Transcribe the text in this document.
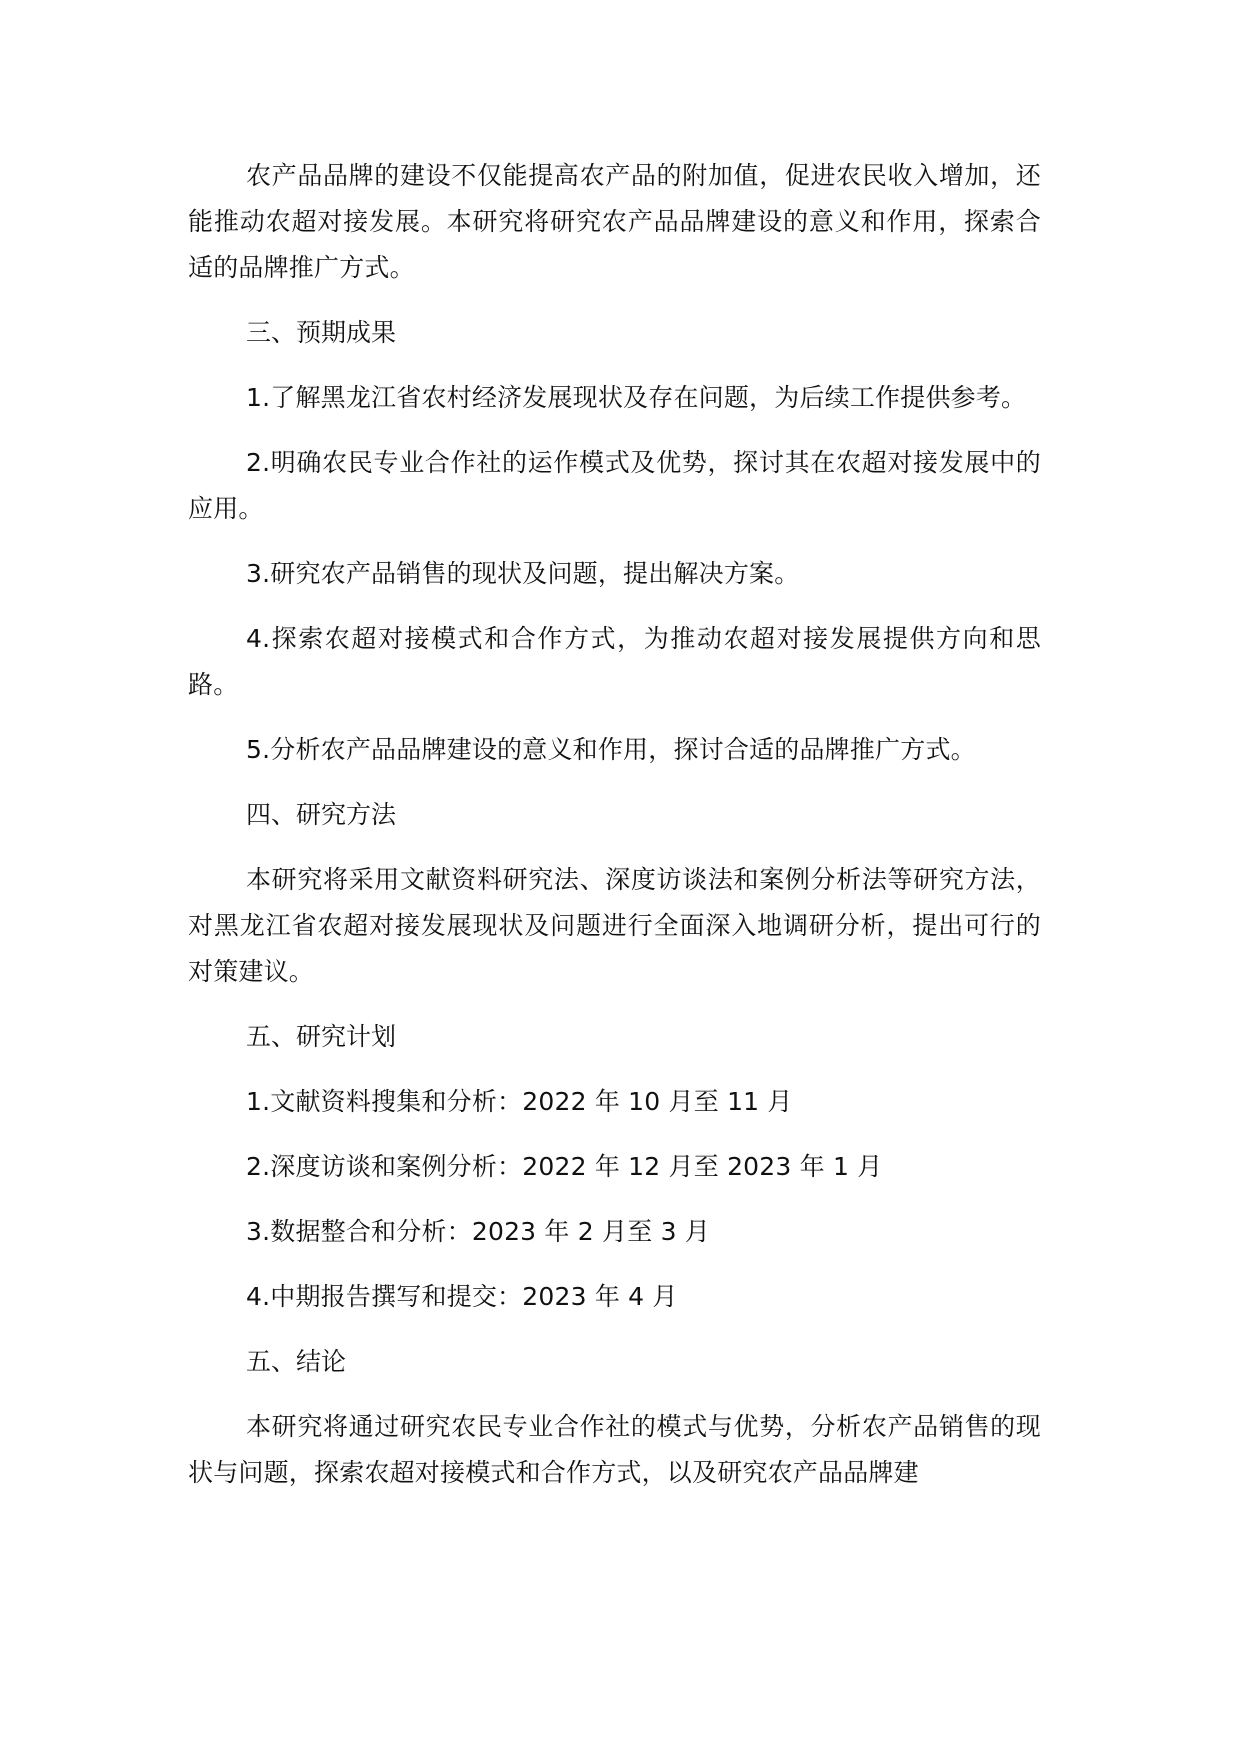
农产品品牌的建设不仅能提高农产品的附加值，促进农民收入增加，还能推动农超对接发展。本研究将研究农产品品牌建设的意义和作用，探索合适的品牌推广方式。

三、预期成果

1.了解黑龙江省农村经济发展现状及存在问题，为后续工作提供参考。

2.明确农民专业合作社的运作模式及优势，探讨其在农超对接发展中的应用。

3.研究农产品销售的现状及问题，提出解决方案。

4.探索农超对接模式和合作方式，为推动农超对接发展提供方向和思路。

5.分析农产品品牌建设的意义和作用，探讨合适的品牌推广方式。

四、研究方法

本研究将采用文献资料研究法、深度访谈法和案例分析法等研究方法，对黑龙江省农超对接发展现状及问题进行全面深入地调研分析，提出可行的对策建议。

五、研究计划

1.文献资料搜集和分析：2022 年 10 月至 11 月

2.深度访谈和案例分析：2022 年 12 月至 2023 年 1 月

3.数据整合和分析：2023 年 2 月至 3 月

4.中期报告撰写和提交：2023 年 4 月

五、结论

本研究将通过研究农民专业合作社的模式与优势，分析农产品销售的现状与问题，探索农超对接模式和合作方式，以及研究农产品品牌建
